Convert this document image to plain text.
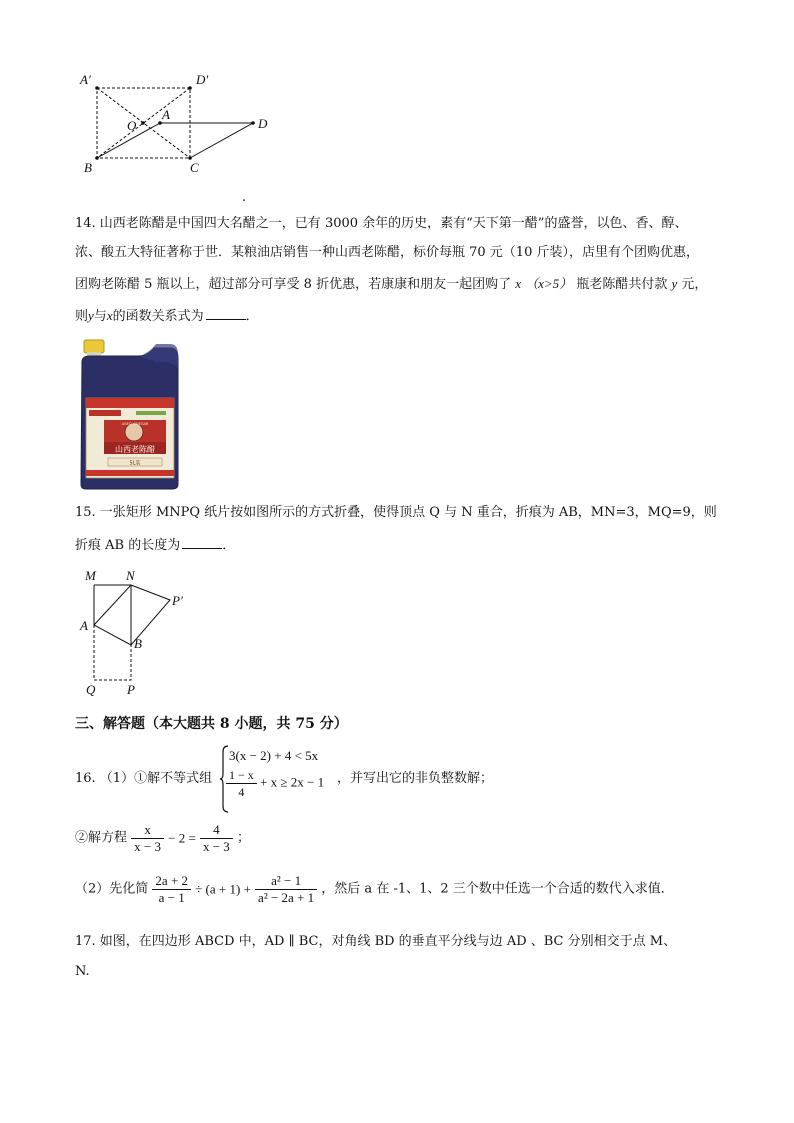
A′	D′
O
A
D
B	C
.
14. 山西老陈醋是中国四大名醋之一，已有 3000 余年的历史，素有“天下第一醋”的盛誉，以色、香、醇、
浓、酸五大特征著称于世．某粮油店销售一种山西老陈醋，标价每瓶 70 元（10 斤装），店里有个团购优惠，
团购老陈醋 5 瓶以上，超过部分可享受 8 折优惠，若康康和朋友一起团购了 x （x>5） 瓶老陈醋共付款 y 元，
则y与x的函数关系式为	．
山西老陈醋
AGED VINEGAR
5L装
15. 一张矩形 MNPQ 纸片按如图所示的方式折叠，使得顶点 Q 与 N 重合，折痕为 AB，MN=3，MQ=9，则
折痕 AB 的长度为	．
M N
P′
A
B
Q P
三、解答题（本大题共 8 小题，共 75 分）
16. （1）①解不等式组
3(x − 2) + 4 < 5x
$\frac{1 - x}{4} + x \ge 2x - 1$ ，并写出它的非负整数解；
②解方程 $\frac{x}{x - 3} - 2 = \frac{4}{x - 3}$ ；
（2）先化简 $\frac{2a + 2}{a - 1} \div (a + 1) + \frac{\text{a² − 1}}{\text{a² − 2a + 1}}$ ，然后 a 在 -1、1、2 三个数中任选一个合适的数代入求值．
17. 如图，在四边形 ABCD 中，AD ∥ BC，对角线 BD 的垂直平分线与边 AD 、BC 分别相交于点 M、
N.
